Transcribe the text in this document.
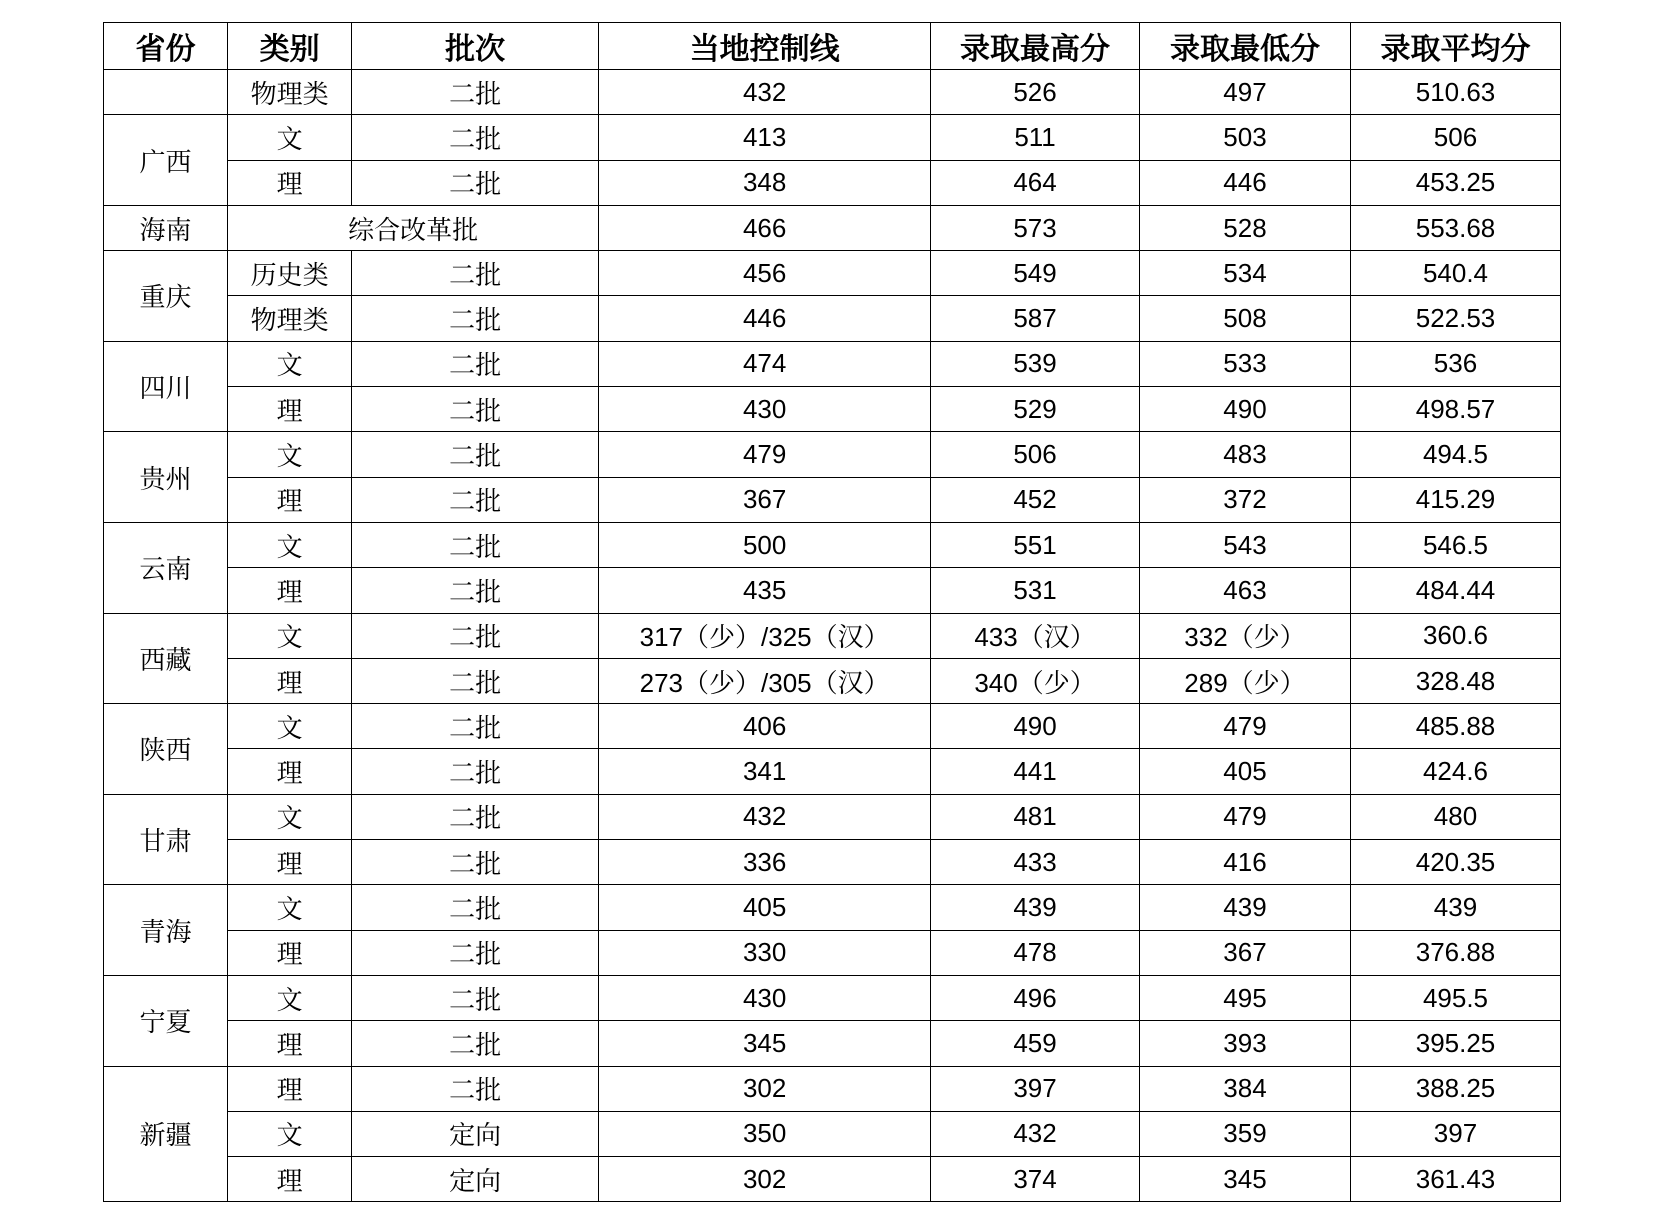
省份	类别	批次	当地控制线	录取最高分	录取最低分	录取平均分
	物理类	二批	432	526	497	510.63
广西	文	二批	413	511	503	506
	理	二批	348	464	446	453.25
海南	综合改革批		466	573	528	553.68
重庆	历史类	二批	456	549	534	540.4
	物理类	二批	446	587	508	522.53
四川	文	二批	474	539	533	536
	理	二批	430	529	490	498.57
贵州	文	二批	479	506	483	494.5
	理	二批	367	452	372	415.29
云南	文	二批	500	551	543	546.5
	理	二批	435	531	463	484.44
西藏	文	二批	317（少）/325（汉）	433（汉）	332（少）	360.6
	理	二批	273（少）/305（汉）	340（少）	289（少）	328.48
陕西	文	二批	406	490	479	485.88
	理	二批	341	441	405	424.6
甘肃	文	二批	432	481	479	480
	理	二批	336	433	416	420.35
青海	文	二批	405	439	439	439
	理	二批	330	478	367	376.88
宁夏	文	二批	430	496	495	495.5
	理	二批	345	459	393	395.25
新疆	理	二批	302	397	384	388.25
	文	定向	350	432	359	397
	理	定向	302	374	345	361.43
